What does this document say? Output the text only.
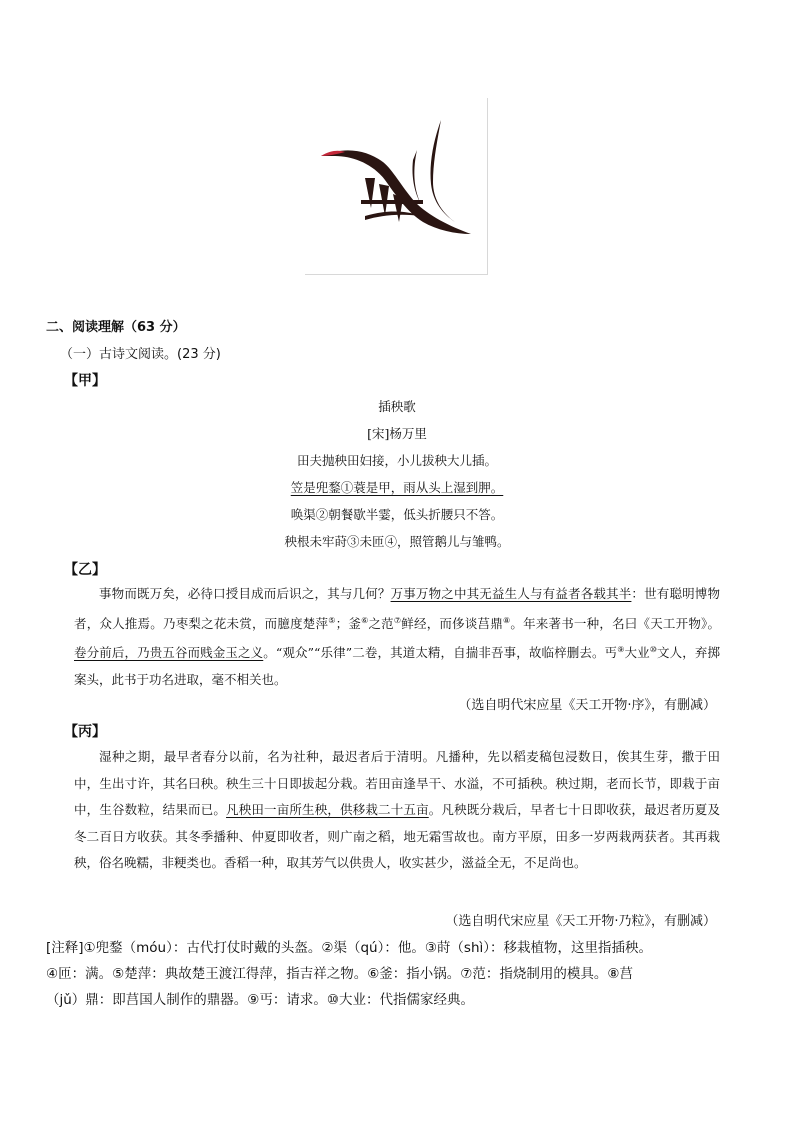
二、阅读理解（63 分）
（一）古诗文阅读。(23 分)
【甲】
插秧歌
[宋]杨万里
田夫抛秧田妇接，小儿拔秧大儿插。
笠是兜鍪①蓑是甲，雨从头上湿到胛。
唤渠②朝餐歇半霎，低头折腰只不答。
秧根未牢莳③未匝④，照管鹅儿与雏鸭。
【乙】
事物而既万矣，必待口授目成而后识之，其与几何？万事万物之中其无益生人与有益者各载其半：世有聪明博物者，众人推焉。乃枣梨之花未赏，而臆度楚萍⑤；釜⑥之范⑦鲜经，而侈谈莒鼎⑧。年来著书一种，名曰《天工开物》。卷分前后，乃贵五谷而贱金玉之义。“观众”“乐律”二卷，其道太精，自揣非吾事，故临梓删去。丐⑨大业⑩文人，弃掷案头，此书于功名进取，毫不相关也。
（选自明代宋应星《天工开物·序》，有删减）
【丙】
湿种之期，最早者春分以前，名为社种，最迟者后于清明。凡播种，先以稻麦稿包浸数日，俟其生芽，撒于田中，生出寸许，其名曰秧。秧生三十日即拔起分栽。若田亩逢旱干、水溢，不可插秧。秧过期，老而长节，即栽于亩中，生谷数粒，结果而已。凡秧田一亩所生秧，供移栽二十五亩。凡秧既分栽后，早者七十日即收获，最迟者历夏及冬二百日方收获。其冬季播种、仲夏即收者，则广南之稻，地无霜雪故也。南方平原，田多一岁两栽两获者。其再栽秧，俗名晚糯，非粳类也。香稻一种，取其芳气以供贵人，收实甚少，滋益全无，不足尚也。
（选自明代宋应星《天工开物·乃粒》，有删减）
[注释]①兜鍪（móu）：古代打仗时戴的头盔。②渠（qú）：他。③莳（shì）：移栽植物，这里指插秧。
④匝：满。⑤楚萍：典故楚王渡江得萍，指吉祥之物。⑥釜：指小锅。⑦范：指烧制用的模具。⑧莒
（jǔ）鼎：即莒国人制作的鼎器。⑨丐：请求。⑩大业：代指儒家经典。
